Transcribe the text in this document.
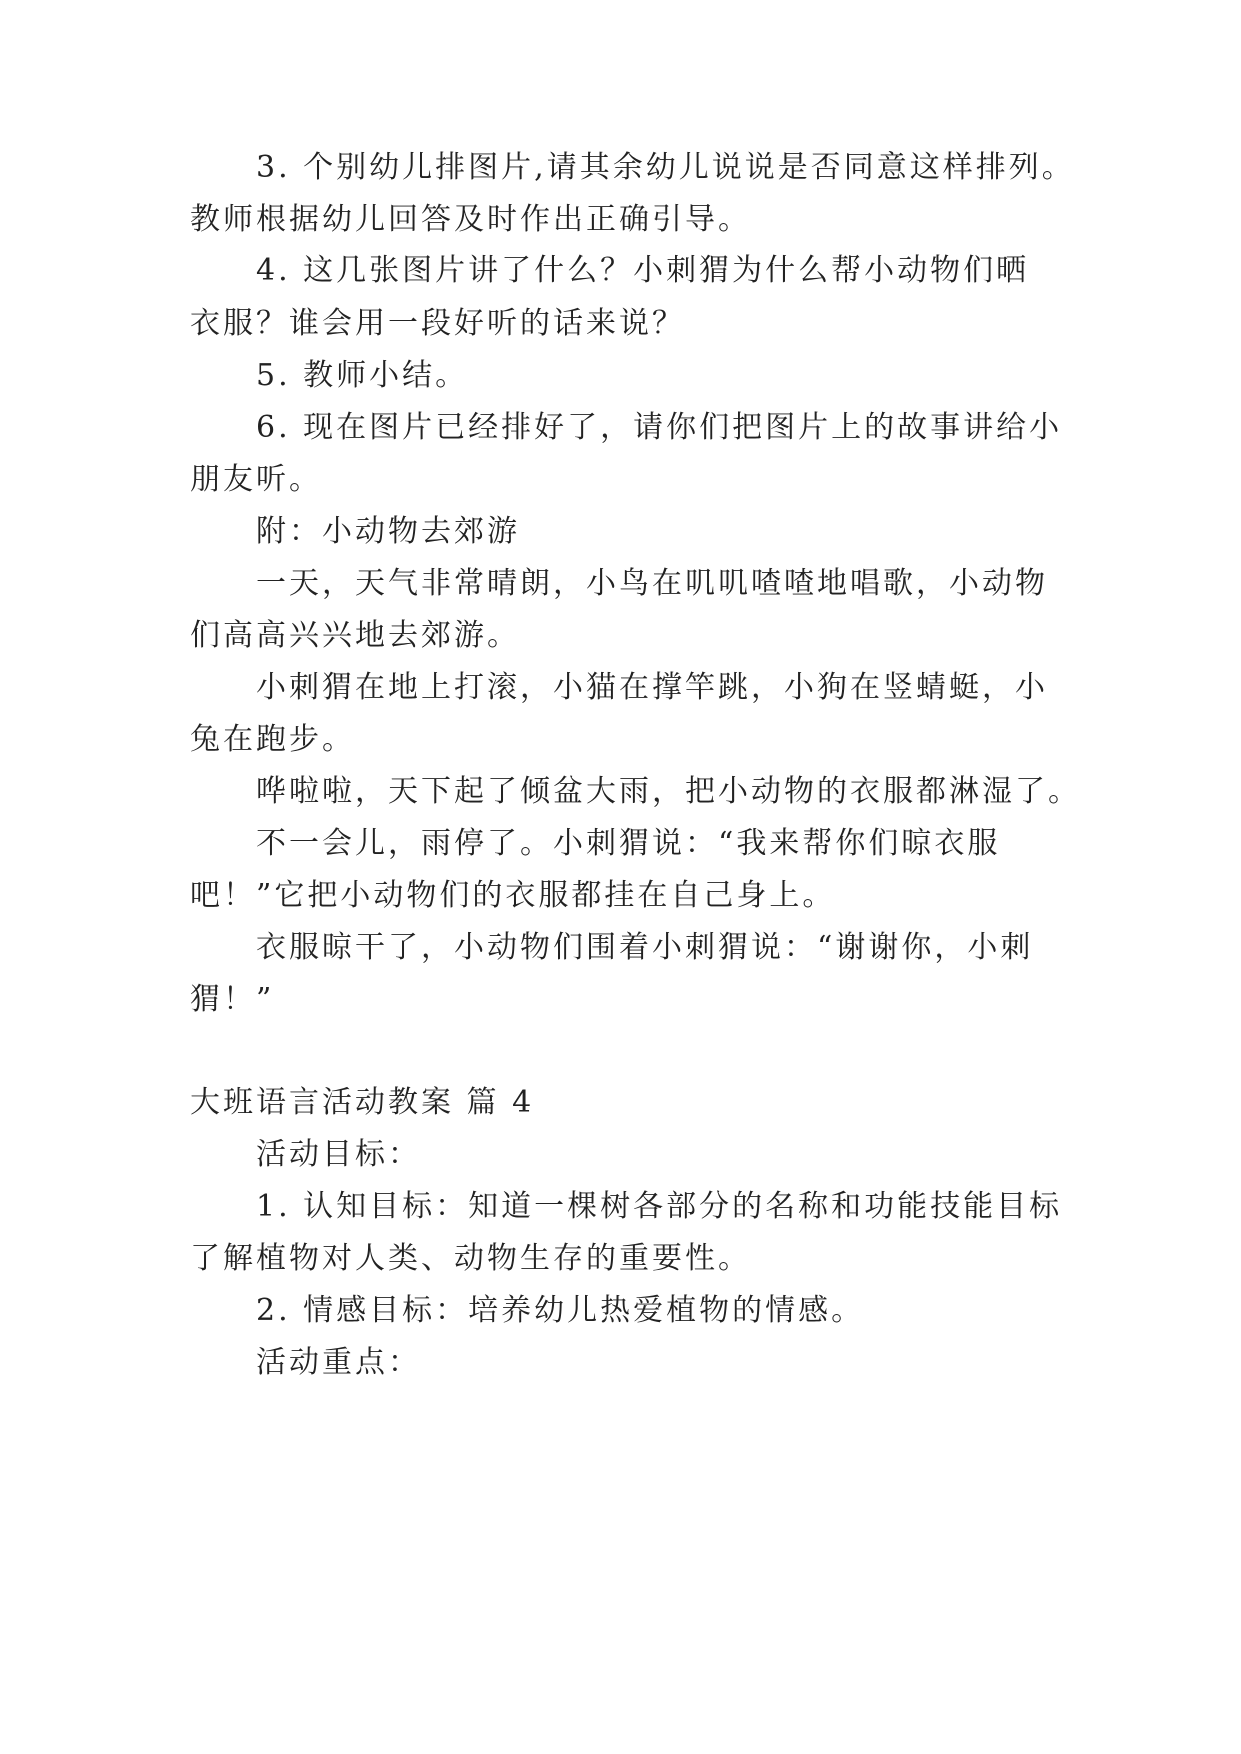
3. 个别幼儿排图片,请其余幼儿说说是否同意这样排列。

教师根据幼儿回答及时作出正确引导。

4. 这几张图片讲了什么？小刺猬为什么帮小动物们晒

衣服？谁会用一段好听的话来说？

5. 教师小结。

6. 现在图片已经排好了，请你们把图片上的故事讲给小

朋友听。

附：小动物去郊游

一天，天气非常晴朗，小鸟在叽叽喳喳地唱歌，小动物

们高高兴兴地去郊游。

小刺猬在地上打滚，小猫在撑竿跳，小狗在竖蜻蜓，小

兔在跑步。

哗啦啦，天下起了倾盆大雨，把小动物的衣服都淋湿了。

不一会儿，雨停了。小刺猬说：“我来帮你们晾衣服

吧！”它把小动物们的衣服都挂在自己身上。

衣服晾干了，小动物们围着小刺猬说：“谢谢你，小刺

猬！”

大班语言活动教案 篇 4

活动目标：

1. 认知目标：知道一棵树各部分的名称和功能技能目标

了解植物对人类、动物生存的重要性。

2. 情感目标：培养幼儿热爱植物的情感。

活动重点：
